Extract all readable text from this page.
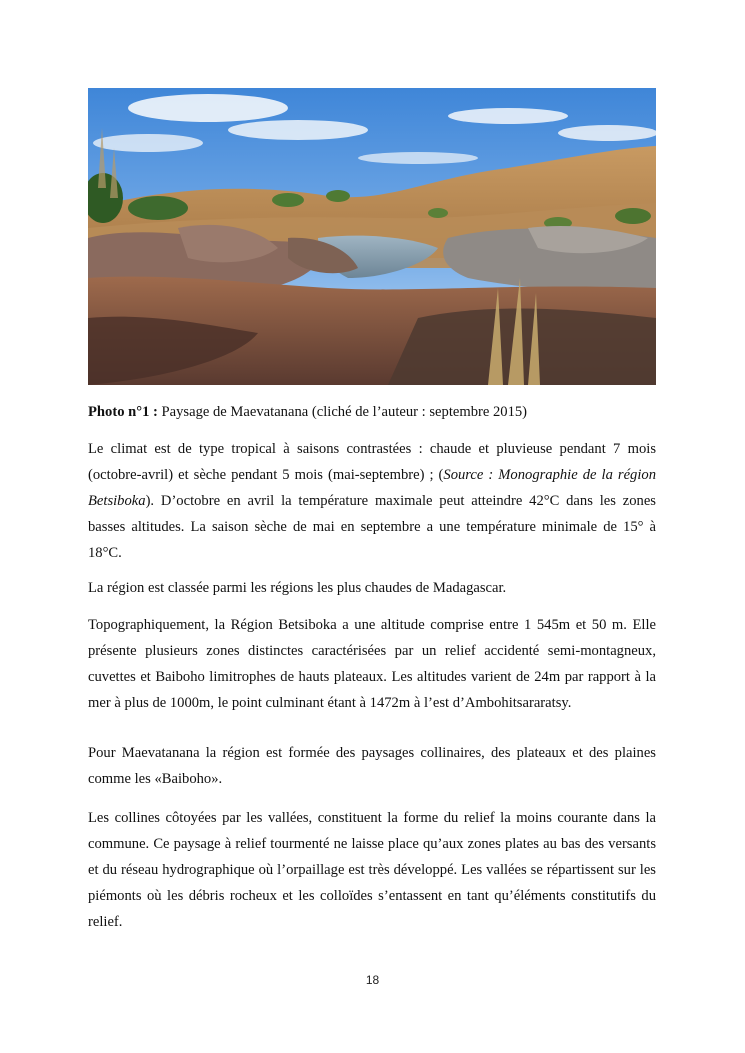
Photo n°1 : Paysage de Maevatanana (cliché de l’auteur : septembre 2015)

Le climat est de type tropical à saisons contrastées : chaude et pluvieuse pendant 7 mois (octobre-avril) et sèche pendant 5 mois (mai-septembre) ; (Source : Monographie de la région Betsiboka). D’octobre en avril la température maximale peut atteindre 42°C dans les zones basses altitudes. La saison sèche de mai en septembre a une température minimale de 15° à 18°C.

La région est classée parmi les régions les plus chaudes de Madagascar.

Topographiquement, la Région Betsiboka a une altitude comprise entre 1 545m et 50 m. Elle présente plusieurs zones distinctes caractérisées par un relief accidenté semi-montagneux, cuvettes et Baiboho limitrophes de hauts plateaux. Les altitudes varient de 24m par rapport à la mer à plus de 1000m, le point culminant étant à 1472m à l’est d’Ambohitsararatsy.

Pour Maevatanana la région est formée des paysages collinaires, des plateaux et des plaines comme les «Baiboho».

Les collines côtoyées par les vallées, constituent la forme du relief la moins courante dans la commune. Ce paysage à relief tourmenté ne laisse place qu’aux zones plates au bas des versants et du réseau hydrographique où l’orpaillage est très développé. Les vallées se répartissent sur les piémonts où les débris rocheux et les colloïdes s’entassent en tant qu’éléments constitutifs du relief.

18
